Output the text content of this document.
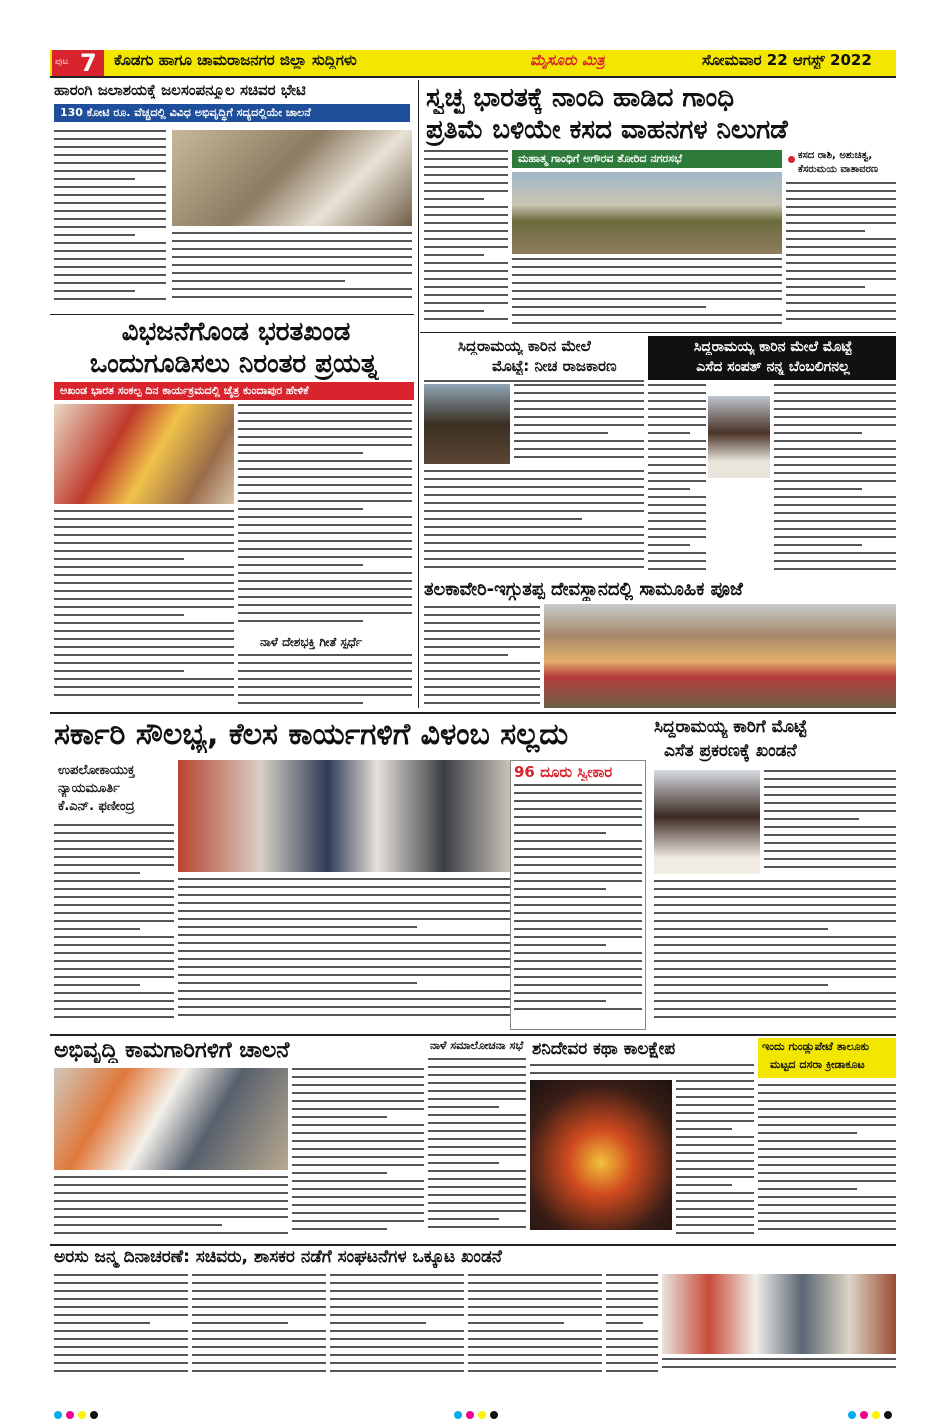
ಪುಟ 7 ಕೊಡಗು ಹಾಗೂ ಚಾಮರಾಜನಗರ ಜಿಲ್ಲಾ ಸುದ್ದಿಗಳು	ಮೈಸೂರು ಮಿತ್ರ	ಸೋಮವಾರ 22 ಆಗಸ್ಟ್ 2022
ಹಾರಂಗಿ ಜಲಾಶಯಕ್ಕೆ ಜಲಸಂಪನ್ಮೂಲ ಸಚಿವರ ಭೇಟಿ
130 ಕೋಟಿ ರೂ. ವೆಚ್ಚದಲ್ಲಿ ವಿವಿಧ ಅಭಿವೃದ್ಧಿಗೆ ಸದ್ಯದಲ್ಲಿಯೇ ಚಾಲನೆ	ಸ್ವಚ್ಛ ಭಾರತಕ್ಕೆ ನಾಂದಿ ಹಾಡಿದ ಗಾಂಧಿ
ಪ್ರತಿಮೆ ಬಳಿಯೇ ಕಸದ ವಾಹನಗಳ ನಿಲುಗಡೆ
ಮಹಾತ್ಮ ಗಾಂಧಿಗೆ ಅಗೌರವ ತೋರಿದ ನಗರಸಭೆ	ಕಸದ ರಾಶಿ, ಅಶುಚಿತ್ವ,
ಕೆಸರುಮಯ ವಾತಾವರಣ
ವಿಭಜನೆಗೊಂಡ ಭರತಖಂಡ
ಒಂದುಗೂಡಿಸಲು ನಿರಂತರ ಪ್ರಯತ್ನ
ಅಖಂಡ ಭಾರತ ಸಂಕಲ್ಪ ದಿನ ಕಾರ್ಯಕ್ರಮದಲ್ಲಿ ಚೈತ್ರ ಕುಂದಾಪುರ ಹೇಳಿಕೆ
ನಾಳೆ ದೇಶಭಕ್ತಿ ಗೀತೆ ಸ್ಪರ್ಧೆ
ಸಿದ್ದರಾಮಯ್ಯ ಕಾರಿನ ಮೇಲೆ
ಮೊಟ್ಟೆ: ನೀಚ ರಾಜಕಾರಣ
ಸಿದ್ದರಾಮಯ್ಯ ಕಾರಿನ ಮೇಲೆ ಮೊಟ್ಟೆ
ಎಸೆದ ಸಂಪತ್ ನನ್ನ ಬೆಂಬಲಿಗನಲ್ಲ
ತಲಕಾವೇರಿ-ಇಗ್ಗುತಪ್ಪ ದೇವಸ್ಥಾನದಲ್ಲಿ ಸಾಮೂಹಿಕ ಪೂಜೆ
ಸರ್ಕಾರಿ ಸೌಲಭ್ಯ, ಕೆಲಸ ಕಾರ್ಯಗಳಿಗೆ ವಿಳಂಬ ಸಲ್ಲದು
ಉಪಲೋಕಾಯುಕ್ತ
ನ್ಯಾಯಮೂರ್ತಿ
ಕೆ.ಎನ್. ಫಣೀಂದ್ರ
96 ದೂರು ಸ್ವೀಕಾರ
ಸಿದ್ದರಾಮಯ್ಯ ಕಾರಿಗೆ ಮೊಟ್ಟೆ
ಎಸೆತ ಪ್ರಕರಣಕ್ಕೆ ಖಂಡನೆ
ಅಭಿವೃದ್ಧಿ ಕಾಮಗಾರಿಗಳಿಗೆ ಚಾಲನೆ	ನಾಳೆ ಸಮಾಲೋಚನಾ ಸಭೆ ಶನಿದೇವರ ಕಥಾ ಕಾಲಕ್ಷೇಪ	ಇಂದು ಗುಂಡ್ಲುಪೇಟೆ ತಾಲೂಕು
ಮಟ್ಟದ ದಸರಾ ಕ್ರೀಡಾಕೂಟ
ಅರಸು ಜನ್ಮ ದಿನಾಚರಣೆ: ಸಚಿವರು, ಶಾಸಕರ ನಡೆಗೆ ಸಂಘಟನೆಗಳ ಒಕ್ಕೂಟ ಖಂಡನೆ
